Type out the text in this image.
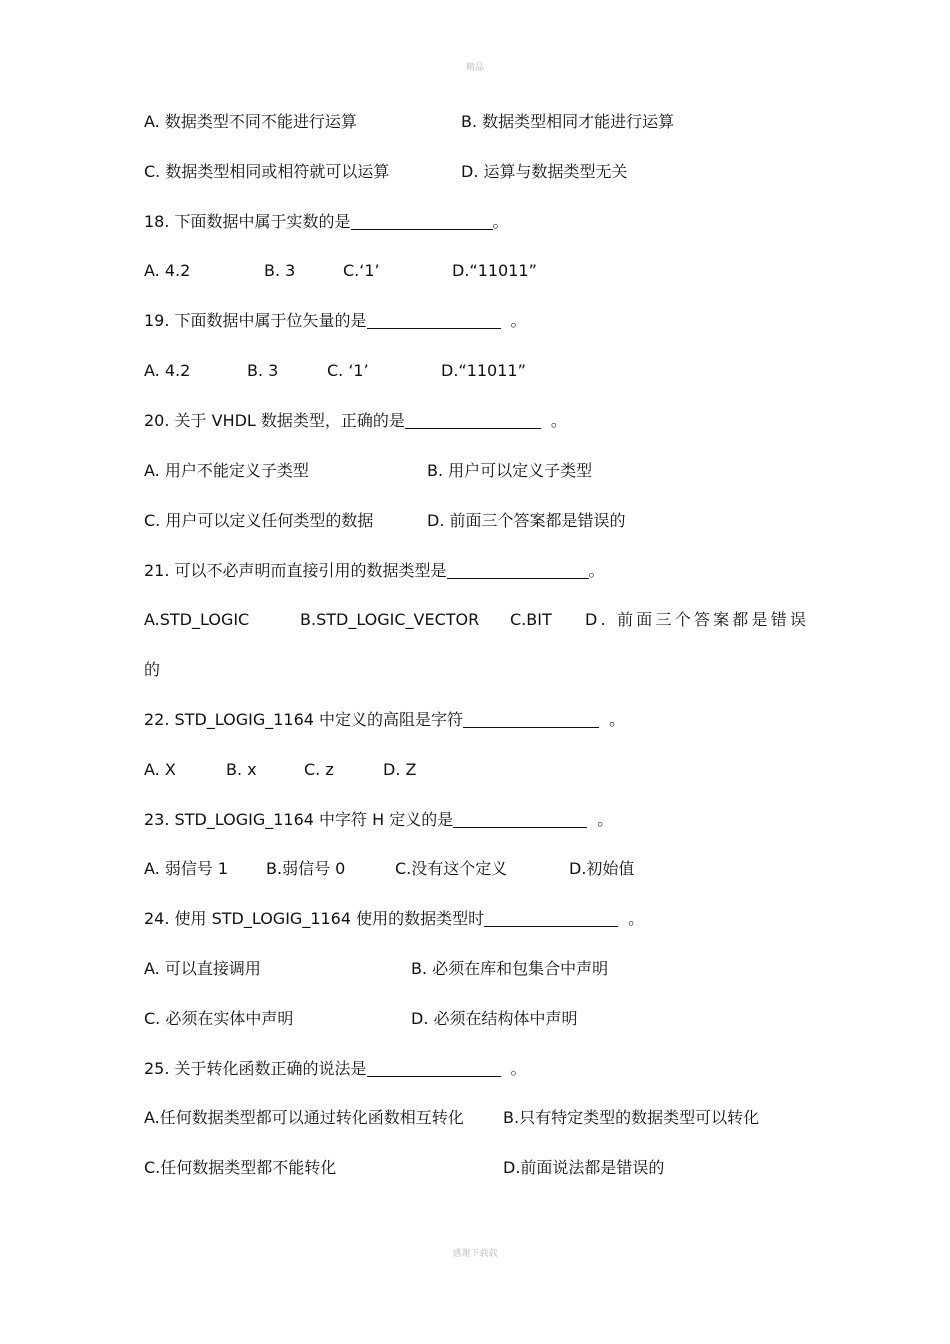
精品
A. 数据类型不同不能进行运算	B. 数据类型相同才能进行运算
C. 数据类型相同或相符就可以运算	D. 运算与数据类型无关
18. 下面数据中属于实数的是	。
A. 4.2	B. 3	C.‘1’	D.“11011”
19. 下面数据中属于位矢量的是	。
A. 4.2	B. 3	C. ‘1’	D.“11011”
20. 关于 VHDL 数据类型，正确的是	。
A. 用户不能定义子类型	B. 用户可以定义子类型
C. 用户可以定义任何类型的数据	D. 前面三个答案都是错误的
21. 可以不必声明而直接引用的数据类型是	。
A.STD_LOGIC	B.STD_LOGIC_VECTOR C.BIT D. 前面三个答案都是错误
的
22. STD_LOGIG_1164 中定义的高阻是字符	。
A. X	B. x	C. z	D. Z
23. STD_LOGIG_1164 中字符 H 定义的是	。
A. 弱信号 1 B.弱信号 0	C.没有这个定义	D.初始值
24. 使用 STD_LOGIG_1164 使用的数据类型时	。
A. 可以直接调用	B. 必须在库和包集合中声明
C. 必须在实体中声明	D. 必须在结构体中声明
25. 关于转化函数正确的说法是	。
A.任何数据类型都可以通过转化函数相互转化 B.只有特定类型的数据类型可以转化
C.任何数据类型都不能转化	D.前面说法都是错误的
感谢下载载
